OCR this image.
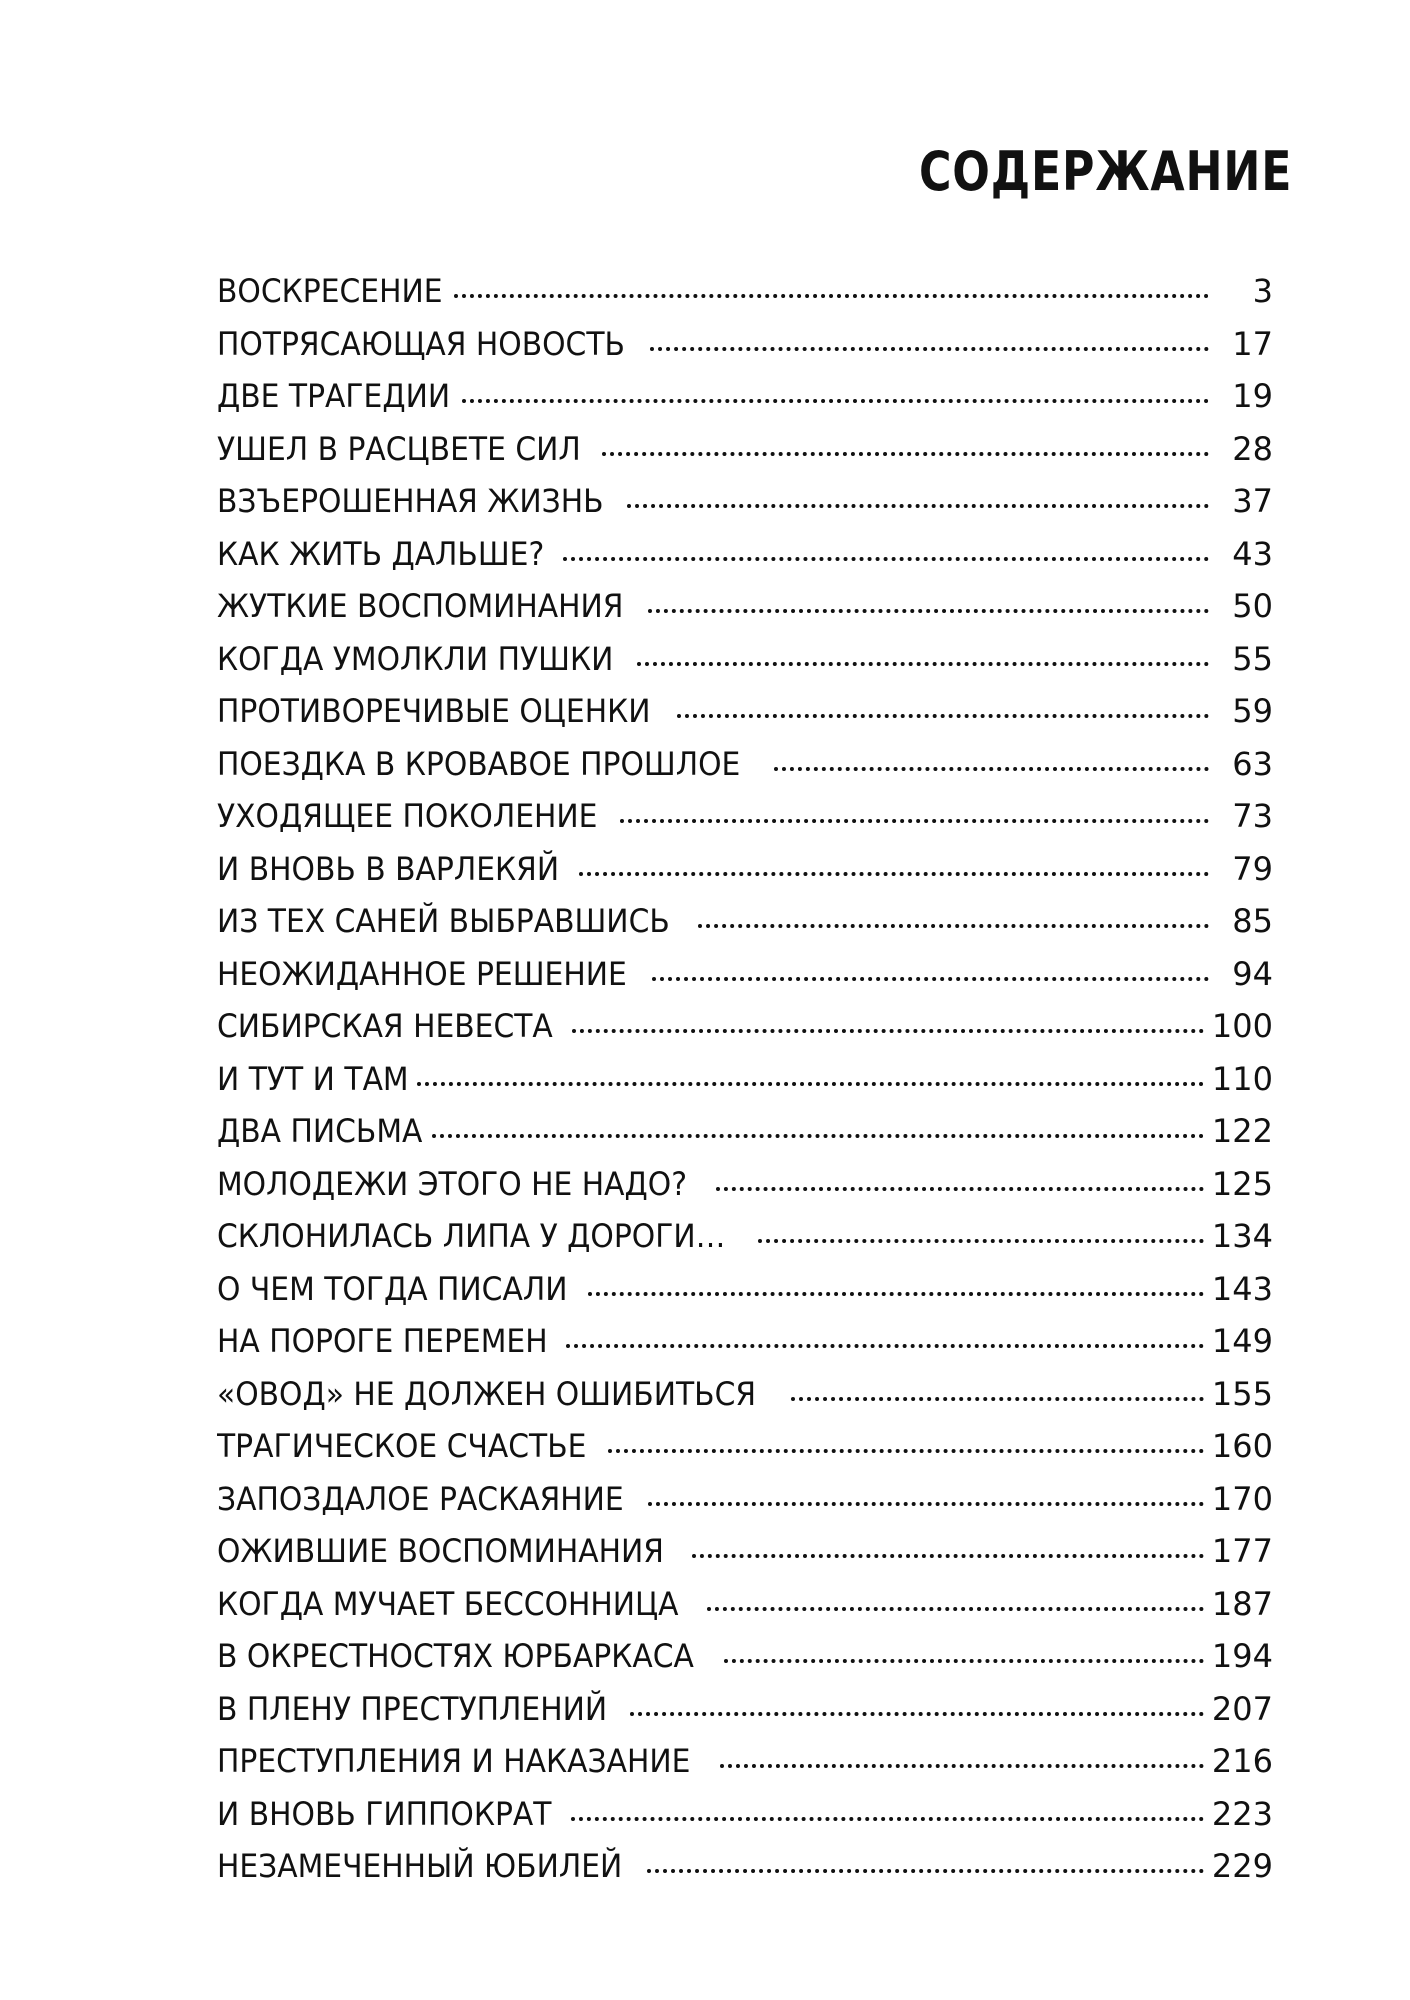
СОДЕРЖАНИЕ
ВОСКРЕСЕНИЕ	3
ПОТРЯСАЮЩАЯ НОВОСТЬ	17
ДВЕ ТРАГЕДИИ	19
УШЕЛ В РАСЦВЕТЕ СИЛ	28
ВЗЪЕРОШЕННАЯ ЖИЗНЬ	37
КАК ЖИТЬ ДАЛЬШЕ?	43
ЖУТКИЕ ВОСПОМИНАНИЯ	50
КОГДА УМОЛКЛИ ПУШКИ	55
ПРОТИВОРЕЧИВЫЕ ОЦЕНКИ	59
ПОЕЗДКА В КРОВАВОЕ ПРОШЛОЕ	63
УХОДЯЩЕЕ ПОКОЛЕНИЕ	73
И ВНОВЬ В ВАРЛЕКЯЙ	79
ИЗ ТЕХ САНЕЙ ВЫБРАВШИСЬ	85
НЕОЖИДАННОЕ РЕШЕНИЕ	94
СИБИРСКАЯ НЕВЕСТА	100
И ТУТ И ТАМ	110
ДВА ПИСЬМА	122
МОЛОДЕЖИ ЭТОГО НЕ НАДО?	125
СКЛОНИЛАСЬ ЛИПА У ДОРОГИ…	134
О ЧЕМ ТОГДА ПИСАЛИ	143
НА ПОРОГЕ ПЕРЕМЕН	149
«ОВОД» НЕ ДОЛЖЕН ОШИБИТЬСЯ	155
ТРАГИЧЕСКОЕ СЧАСТЬЕ	160
ЗАПОЗДАЛОЕ РАСКАЯНИЕ	170
ОЖИВШИЕ ВОСПОМИНАНИЯ	177
КОГДА МУЧАЕТ БЕССОННИЦА	187
В ОКРЕСТНОСТЯХ ЮРБАРКАСА	194
В ПЛЕНУ ПРЕСТУПЛЕНИЙ	207
ПРЕСТУПЛЕНИЯ И НАКАЗАНИЕ	216
И ВНОВЬ ГИППОКРАТ	223
НЕЗАМЕЧЕННЫЙ ЮБИЛЕЙ	229
